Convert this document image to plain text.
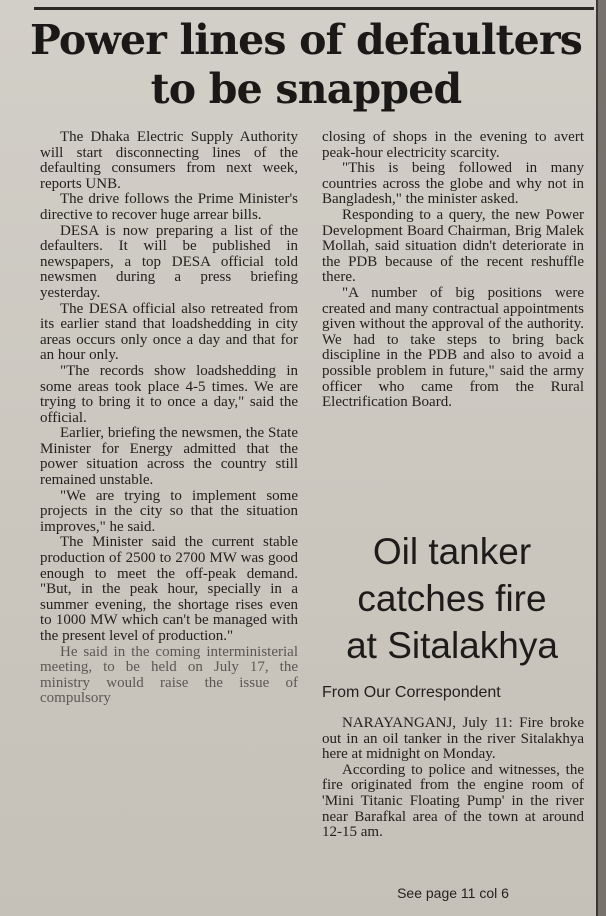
Power lines of defaulters
to be snapped

The Dhaka Electric Supply Authority will start disconnecting lines of the defaulting consumers from next week, reports UNB.

The drive follows the Prime Minister's directive to recover huge arrear bills.

DESA is now preparing a list of the defaulters. It will be published in newspapers, a top DESA official told newsmen during a press briefing yesterday.

The DESA official also retreated from its earlier stand that loadshedding in city areas occurs only once a day and that for an hour only.

"The records show loadshedding in some areas took place 4-5 times. We are trying to bring it to once a day," said the official.

Earlier, briefing the newsmen, the State Minister for Energy admitted that the power situation across the country still remained unstable.

"We are trying to implement some projects in the city so that the situation improves," he said.

The Minister said the current stable production of 2500 to 2700 MW was good enough to meet the off-peak demand. "But, in the peak hour, specially in a summer evening, the shortage rises even to 1000 MW which can't be managed with the present level of production."

He said in the coming interministerial meeting, to be held on July 17, the ministry would raise the issue of compulsory

closing of shops in the evening to avert peak-hour electricity scarcity.

"This is being followed in many countries across the globe and why not in Bangladesh," the minister asked.

Responding to a query, the new Power Development Board Chairman, Brig Malek Mollah, said situation didn't deteriorate in the PDB because of the recent reshuffle there.

"A number of big positions were created and many contractual appointments given without the approval of the authority. We had to take steps to bring back discipline in the PDB and also to avoid a possible problem in future," said the army officer who came from the Rural Electrification Board.

Oil tanker
catches fire
at Sitalakhya
From Our Correspondent

NARAYANGANJ, July 11: Fire broke out in an oil tanker in the river Sitalakhya here at midnight on Monday.

According to police and witnesses, the fire originated from the engine room of 'Mini Titanic Floating Pump' in the river near Barafkal area of the town at around 12-15 am.

See page 11 col 6
